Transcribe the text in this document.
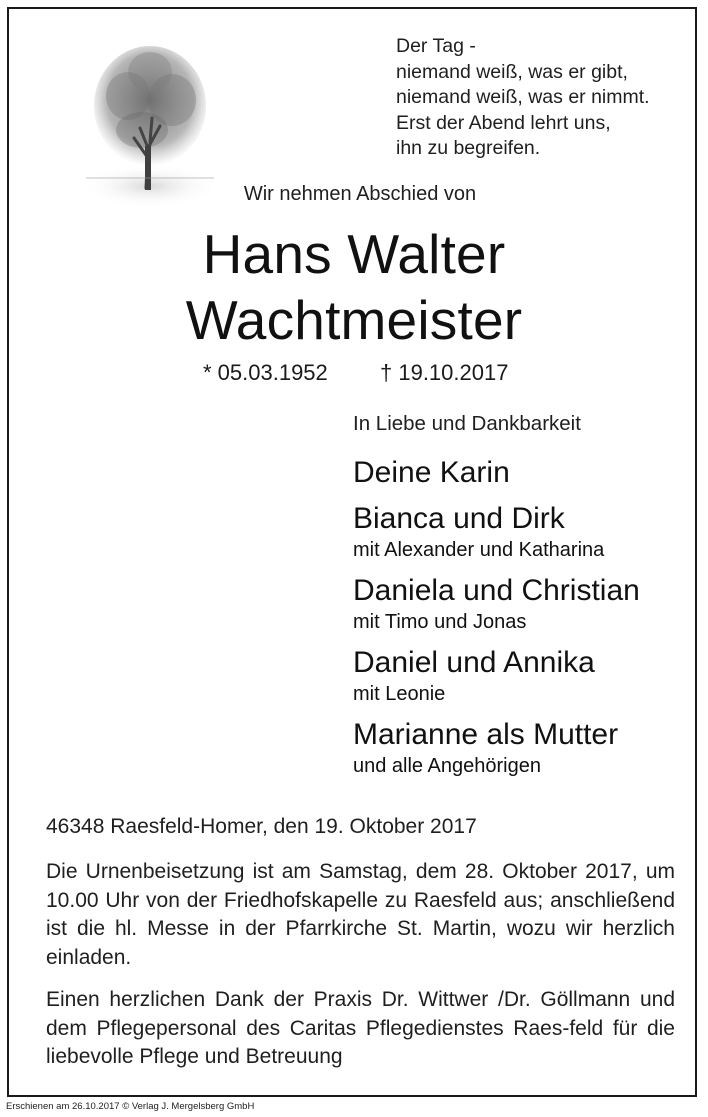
Der Tag -
niemand weiß, was er gibt,
niemand weiß, was er nimmt.
Erst der Abend lehrt uns,
ihn zu begreifen.
Wir nehmen Abschied von
Hans Walter
Wachtmeister
* 05.03.1952 † 19.10.2017
In Liebe und Dankbarkeit
Deine Karin
Bianca und Dirk
mit Alexander und Katharina
Daniela und Christian
mit Timo und Jonas
Daniel und Annika
mit Leonie
Marianne als Mutter
und alle Angehörigen
46348 Raesfeld-Homer, den 19. Oktober 2017
Die Urnenbeisetzung ist am Samstag, dem 28. Oktober 2017, um 10.00 Uhr von der Friedhofskapelle zu Raesfeld aus; anschließend ist die hl. Messe in der Pfarrkirche St. Martin, wozu wir herzlich einladen.
Einen herzlichen Dank der Praxis Dr. Wittwer /Dr. Göllmann und dem Pflegepersonal des Caritas Pflegedienstes Raes-feld für die liebevolle Pflege und Betreuung
Erschienen am 26.10.2017 © Verlag J. Mergelsberg GmbH
